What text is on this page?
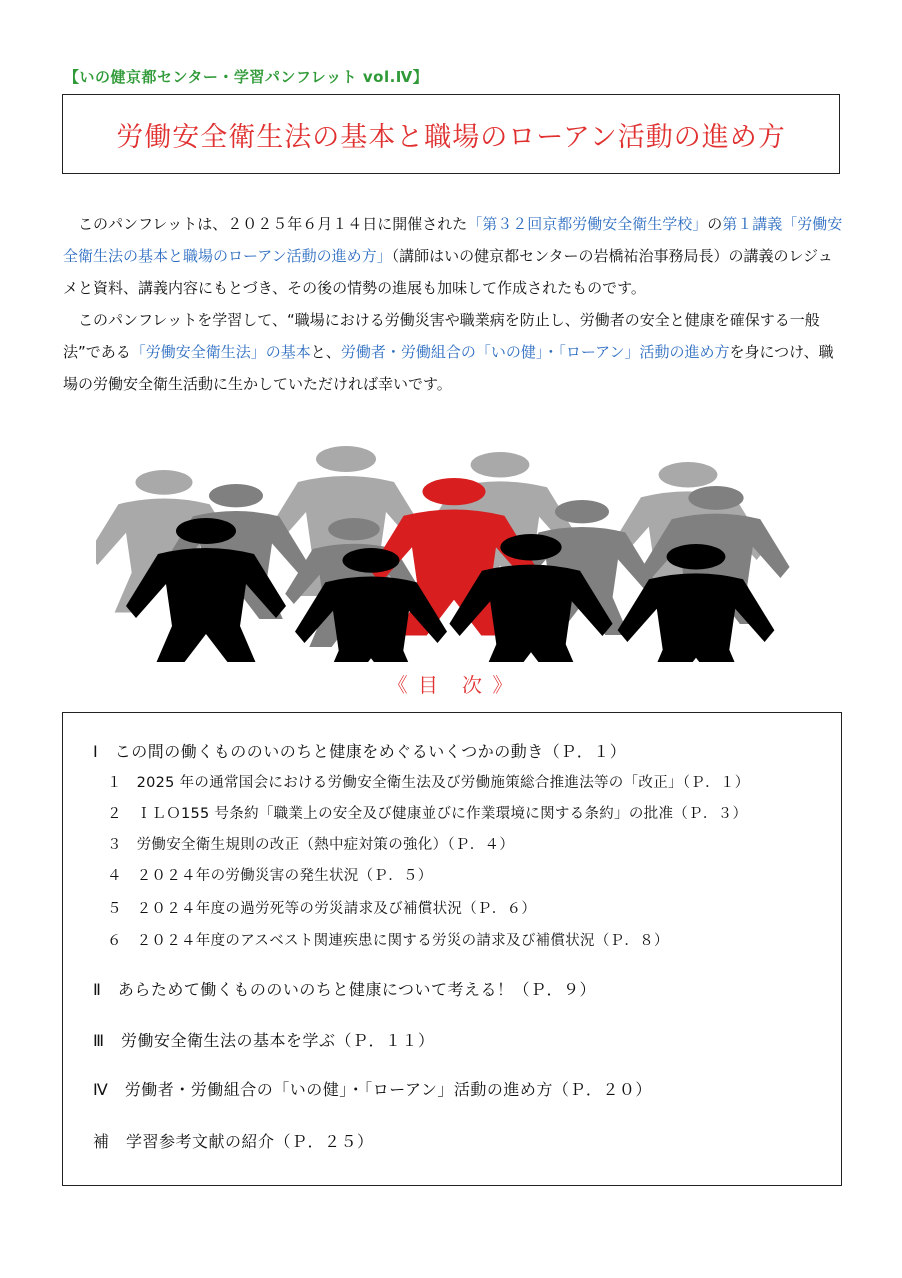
【いの健京都センター・学習パンフレット vol.Ⅳ】
労働安全衛生法の基本と職場のローアン活動の進め方

このパンフレットは、２０２５年６月１４日に開催された「第３２回京都労働安全衛生学校」の第１講義「労働安全衛生法の基本と職場のローアン活動の進め方」（講師はいの健京都センターの岩橋祐治事務局長）の講義のレジュメと資料、講義内容にもとづき、その後の情勢の進展も加味して作成されたものです。

このパンフレットを学習して、“職場における労働災害や職業病を防止し、労働者の安全と健康を確保する一般法”である「労働安全衛生法」の基本と、労働者・労働組合の「いの健」・「ローアン」活動の進め方を身につけ、職場の労働安全衛生活動に生かしていただければ幸いです。

《 目　次 》
Ⅰ　この間の働くもののいのちと健康をめぐるいくつかの動き（Ｐ．１）
１　2025 年の通常国会における労働安全衛生法及び労働施策総合推進法等の「改正」（Ｐ．１）
２　ＩＬＯ155 号条約「職業上の安全及び健康並びに作業環境に関する条約」の批准（Ｐ．３）
３　労働安全衛生規則の改正（熱中症対策の強化）（Ｐ．４）
４　２０２４年の労働災害の発生状況（Ｐ．５）
５　２０２４年度の過労死等の労災請求及び補償状況（Ｐ．６）
６　２０２４年度のアスベスト関連疾患に関する労災の請求及び補償状況（Ｐ．８）
Ⅱ　あらためて働くもののいのちと健康について考える！（Ｐ．９）
Ⅲ　労働安全衛生法の基本を学ぶ（Ｐ．１１）
Ⅳ　労働者・労働組合の「いの健」・「ローアン」活動の進め方（Ｐ．２０）
補　学習参考文献の紹介（Ｐ．２５）
